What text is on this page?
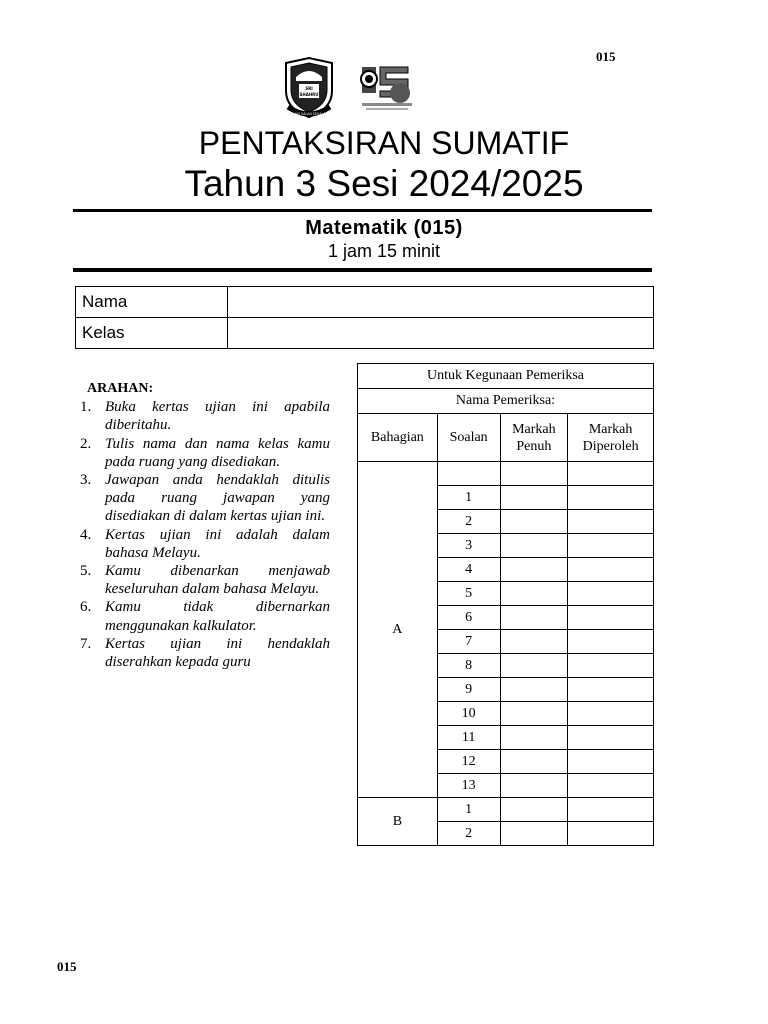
015
SRI
SHAHRU
ILMU SALAH SEGALA
PENTAKSIRAN SUMATIF
Tahun 3 Sesi 2024/2025
Matematik (015)
1 jam 15 minit
Nama	
Kelas	
ARAHAN:
1. Buka kertas ujian ini apabila diberitahu.
2. Tulis nama dan nama kelas kamu pada ruang yang disediakan.
3. Jawapan anda hendaklah ditulis pada ruang jawapan yang disediakan di dalam kertas ujian ini.
4. Kertas ujian ini adalah dalam bahasa Melayu.
5. Kamu dibenarkan menjawab keseluruhan dalam bahasa Melayu.
6. Kamu tidak dibernarkan menggunakan kalkulator.
7. Kertas ujian ini hendaklah diserahkan kepada guru
Untuk Kegunaan Pemeriksa			
Nama Pemeriksa:			
Bahagian	Soalan	Markah Penuh	Markah Diperoleh
A			
	1		
	2		
	3		
	4		
	5		
	6		
	7		
	8		
	9		
	10		
	11		
	12		
	13		
B	1		
	2		
015
